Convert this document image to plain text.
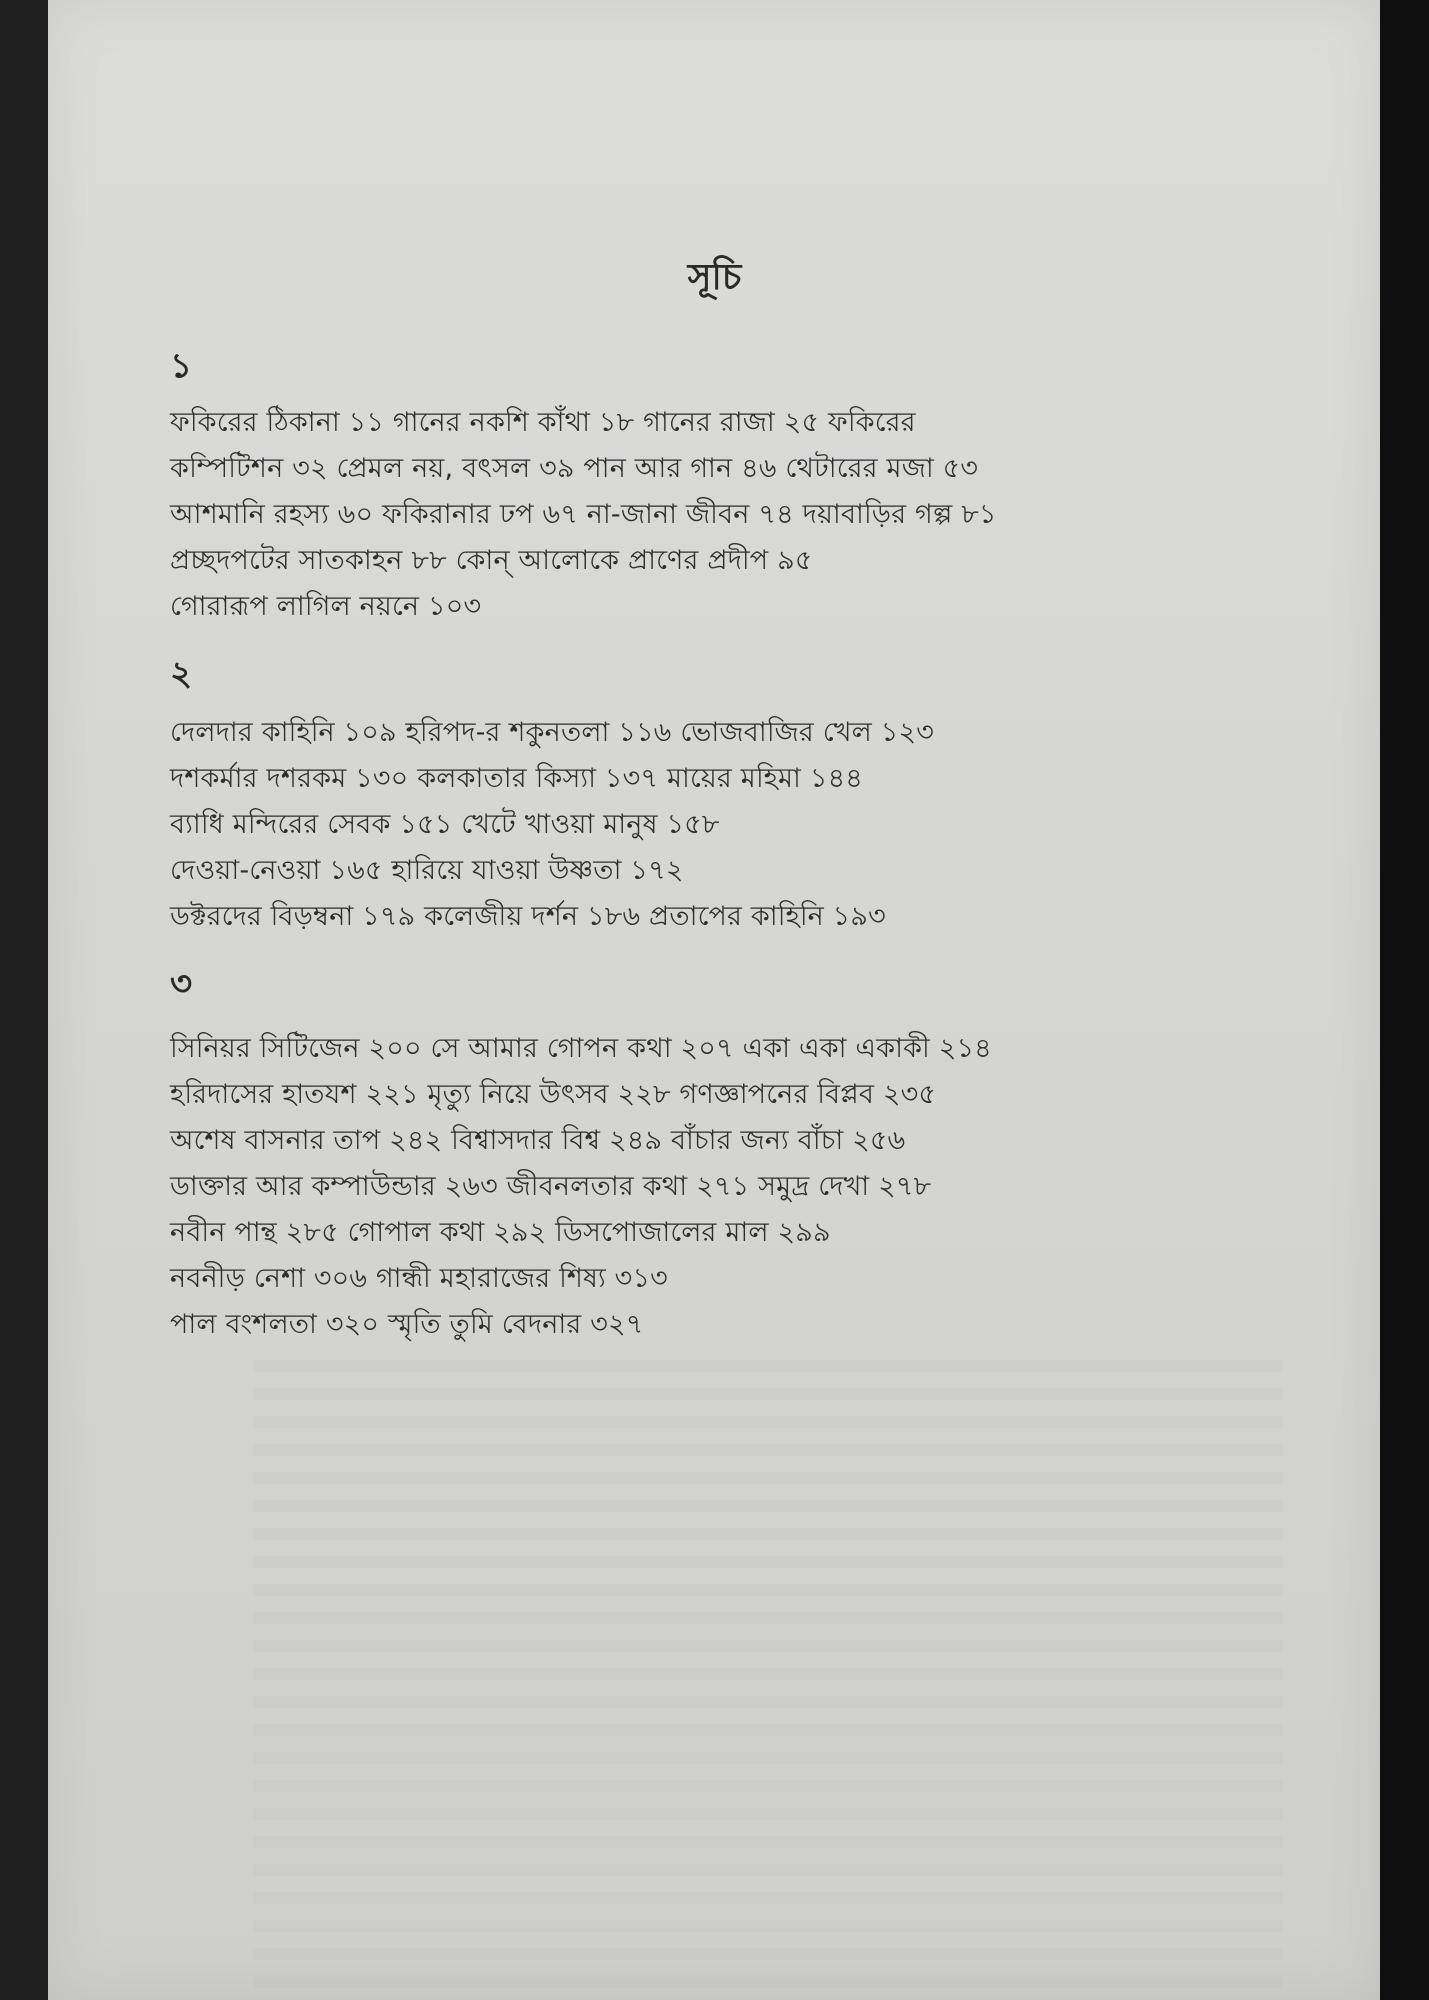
সূচি
১
ফকিরের ঠিকানা ১১ গানের নকশি কাঁথা ১৮ গানের রাজা ২৫ ফকিরের
কম্পিটিশন ৩২ প্রেমল নয়, বৎসল ৩৯ পান আর গান ৪৬ থেটারের মজা ৫৩
আশমানি রহস্য ৬০ ফকিরানার ঢপ ৬৭ না-জানা জীবন ৭৪ দয়াবাড়ির গল্প ৮১
প্রচ্ছদপটের সাতকাহন ৮৮ কোন্ আলোকে প্রাণের প্রদীপ ৯৫
গোরারূপ লাগিল নয়নে ১০৩
২
দেলদার কাহিনি ১০৯ হরিপদ-র শকুনতলা ১১৬ ভোজবাজির খেল ১২৩
দশকর্মার দশরকম ১৩০ কলকাতার কিস্যা ১৩৭ মায়ের মহিমা ১৪৪
ব্যাধি মন্দিরের সেবক ১৫১ খেটে খাওয়া মানুষ ১৫৮
দেওয়া-নেওয়া ১৬৫ হারিয়ে যাওয়া উষ্ণতা ১৭২
ডক্টরদের বিড়ম্বনা ১৭৯ কলেজীয় দর্শন ১৮৬ প্রতাপের কাহিনি ১৯৩
৩
সিনিয়র সিটিজেন ২০০ সে আমার গোপন কথা ২০৭ একা একা একাকী ২১৪
হরিদাসের হাতযশ ২২১ মৃত্যু নিয়ে উৎসব ২২৮ গণজ্ঞাপনের বিপ্লব ২৩৫
অশেষ বাসনার তাপ ২৪২ বিশ্বাসদার বিশ্ব ২৪৯ বাঁচার জন্য বাঁচা ২৫৬
ডাক্তার আর কম্পাউন্ডার ২৬৩ জীবনলতার কথা ২৭১ সমুদ্র দেখা ২৭৮
নবীন পান্থ ২৮৫ গোপাল কথা ২৯২ ডিসপোজালের মাল ২৯৯
নবনীড় নেশা ৩০৬ গান্ধী মহারাজের শিষ্য ৩১৩
পাল বংশলতা ৩২০ স্মৃতি তুমি বেদনার ৩২৭
